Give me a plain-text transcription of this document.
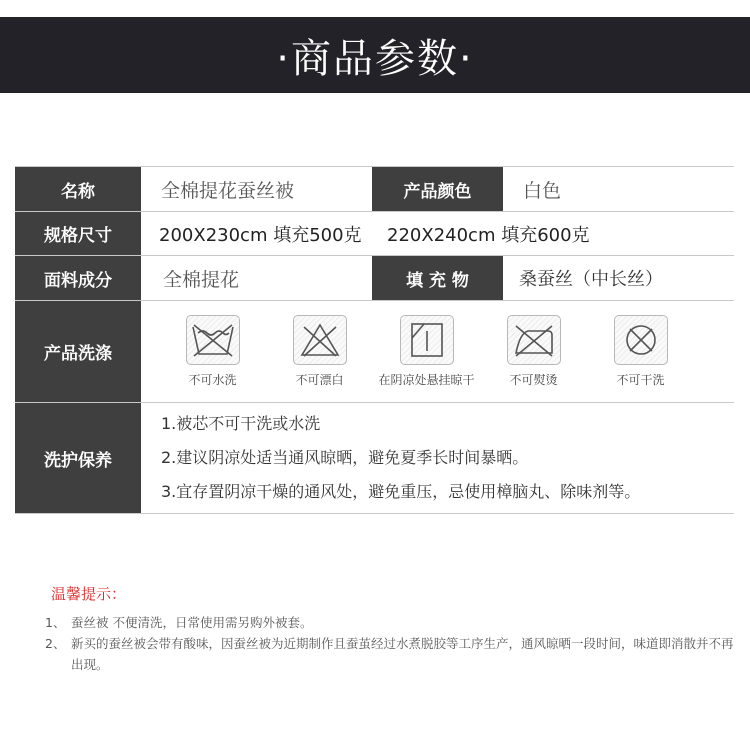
·商品参数·
名称	全棉提花蚕丝被	产品颜色	白色
规格尺寸	200X230cm 填充500克	220X240cm 填充600克
面料成分	全棉提花	填 充 物	桑蚕丝（中长丝）
产品洗涤
不可水洗	不可漂白	在阴凉处悬挂晾干	不可熨烫	不可干洗
洗护保养
1.被芯不可干洗或水洗
2.建议阴凉处适当通风晾晒，避免夏季长时间暴晒。
3.宜存置阴凉干燥的通风处，避免重压，忌使用樟脑丸、除味剂等。
温馨提示：
1、 蚕丝被 不便清洗，日常使用需另购外被套。
2、 新买的蚕丝被会带有酸味，因蚕丝被为近期制作且蚕茧经过水煮脱胶等工序生产，通风晾晒一段时间，味道即消散并不再出现。
